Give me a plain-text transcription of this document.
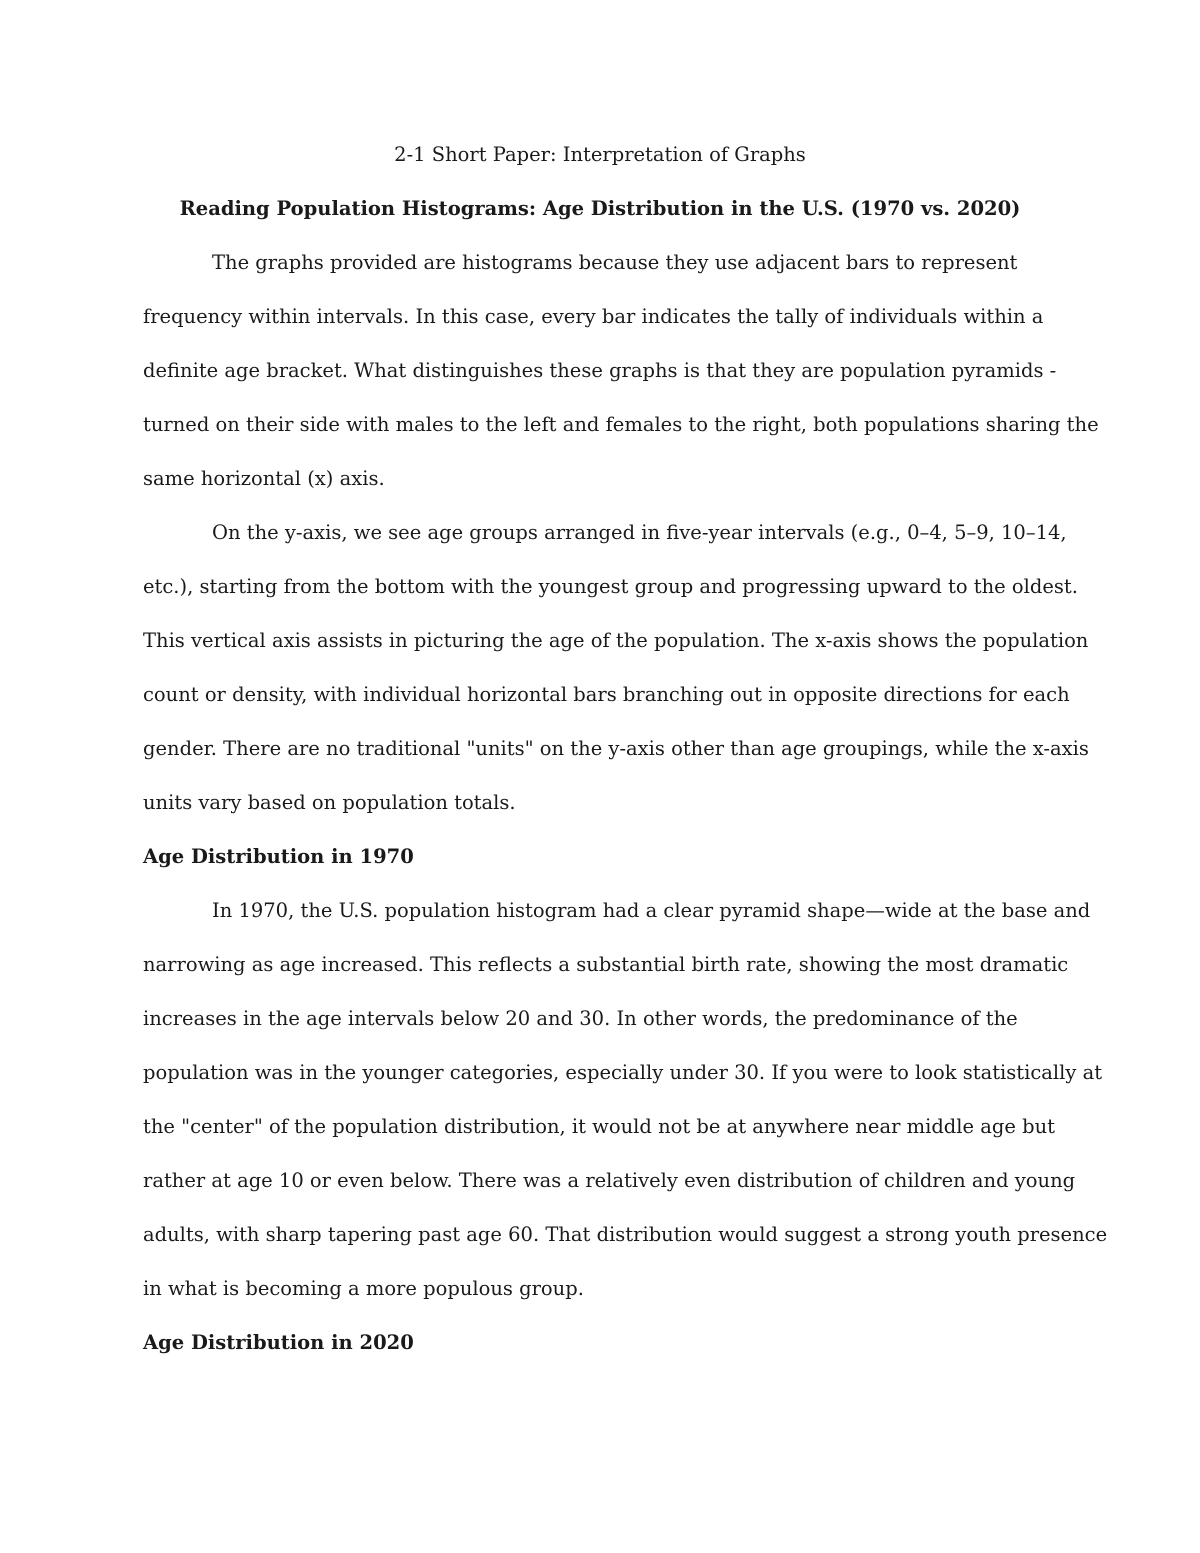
2-1 Short Paper: Interpretation of Graphs
Reading Population Histograms: Age Distribution in the U.S. (1970 vs. 2020)
The graphs provided are histograms because they use adjacent bars to represent
frequency within intervals. In this case, every bar indicates the tally of individuals within a
definite age bracket. What distinguishes these graphs is that they are population pyramids -
turned on their side with males to the left and females to the right, both populations sharing the
same horizontal (x) axis.
On the y-axis, we see age groups arranged in five-year intervals (e.g., 0–4, 5–9, 10–14,
etc.), starting from the bottom with the youngest group and progressing upward to the oldest.
This vertical axis assists in picturing the age of the population. The x-axis shows the population
count or density, with individual horizontal bars branching out in opposite directions for each
gender. There are no traditional "units" on the y-axis other than age groupings, while the x-axis
units vary based on population totals.
Age Distribution in 1970
In 1970, the U.S. population histogram had a clear pyramid shape—wide at the base and
narrowing as age increased. This reflects a substantial birth rate, showing the most dramatic
increases in the age intervals below 20 and 30. In other words, the predominance of the
population was in the younger categories, especially under 30. If you were to look statistically at
the "center" of the population distribution, it would not be at anywhere near middle age but
rather at age 10 or even below. There was a relatively even distribution of children and young
adults, with sharp tapering past age 60. That distribution would suggest a strong youth presence
in what is becoming a more populous group.
Age Distribution in 2020
